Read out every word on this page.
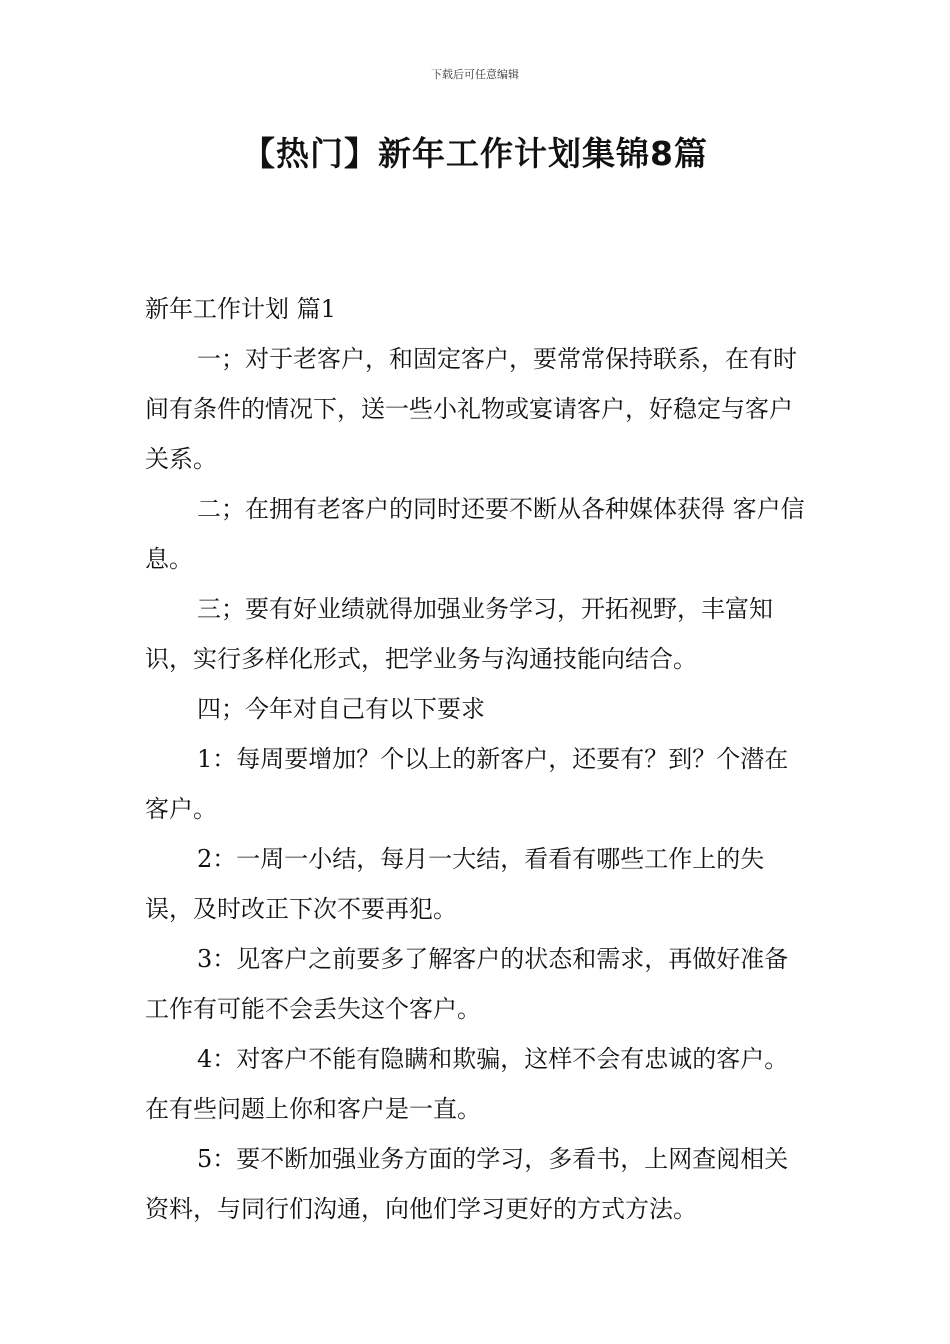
下载后可任意编辑
【热门】新年工作计划集锦8篇

新年工作计划 篇1

一；对于老客户，和固定客户，要常常保持联系，在有时间有条件的情况下，送一些小礼物或宴请客户，好稳定与客户关系。

二；在拥有老客户的同时还要不断从各种媒体获得 客户信息。

三；要有好业绩就得加强业务学习，开拓视野，丰富知识，实行多样化形式，把学业务与沟通技能向结合。

四；今年对自己有以下要求

1：每周要增加？个以上的新客户，还要有？到？个潜在客户。

2：一周一小结，每月一大结，看看有哪些工作上的失误，及时改正下次不要再犯。

3：见客户之前要多了解客户的状态和需求，再做好准备工作有可能不会丢失这个客户。

4：对客户不能有隐瞒和欺骗，这样不会有忠诚的客户。在有些问题上你和客户是一直。

5：要不断加强业务方面的学习，多看书，上网查阅相关资料，与同行们沟通，向他们学习更好的方式方法。
